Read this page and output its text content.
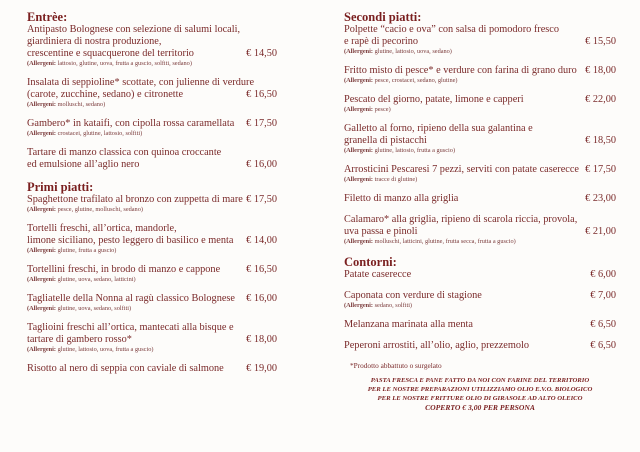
Entrèe:
Antipasto Bolognese con selezione di salumi locali,
giardiniera di nostra produzione,
crescentine e squacquerone del territorio	€ 14,50
(Allergeni: lattosio, glutine, uova, frutta a guscio, solfiti, sedano)
Insalata di seppioline* scottate, con julienne di verdure
(carote, zucchine, sedano) e citronette	€ 16,50
(Allergeni: molluschi, sedano)
Gambero* in kataifi, con cipolla rossa caramellata	€ 17,50
(Allergeni: crostacei, glutine, lattosio, solfiti)
Tartare di manzo classica con quinoa croccante
ed emulsione all’aglio nero	€ 16,00
Primi piatti:
Spaghettone trafilato al bronzo con zuppetta di mare € 17,50
(Allergeni: pesce, glutine, molluschi, sedano)
Tortelli freschi, all’ortica, mandorle,
limone siciliano, pesto leggero di basilico e menta	€ 14,00
(Allergeni: glutine, frutta a guscio)
Tortellini freschi, in brodo di manzo e cappone	€ 16,50
(Allergeni: glutine, uova, sedano, latticini)
Tagliatelle della Nonna al ragù classico Bolognese	€ 16,00
(Allergeni: glutine, uova, sedano, solfiti)
Taglioini freschi all’ortica, mantecati alla bisque e
tartare di gambero rosso*	€ 18,00
(Allergeni: glutine, lattosio, uova, frutta a guscio)
Risotto al nero di seppia con caviale di salmone	€ 19,00
Secondi piatti:
Polpette “cacio e ova” con salsa di pomodoro fresco
e rapè di pecorino	€ 15,50
(Allergeni: glutine, lattosio, uova, sedano)
Fritto misto di pesce* e verdure con farina di grano duro € 18,00
(Allergeni: pesce, crostacei, sedano, glutine)
Pescato del giorno, patate, limone e capperi	€ 22,00
(Allergeni: pesce)
Galletto al forno, ripieno della sua galantina e
granella di pistacchi	€ 18,50
(Allergeni: glutine, lattosio, frutta a guscio)
Arrosticini Pescaresi 7 pezzi, serviti con patate caserecce € 17,50
(Allergeni: tracce di glutine)
Filetto di manzo alla griglia	€ 23,00
Calamaro* alla griglia, ripieno di scarola riccia, provola,
uva passa e pinoli	€ 21,00
(Allergeni: molluschi, latticini, glutine, frutta secca, frutta a guscio)
Contorni:
Patate caserecce	€ 6,00
Caponata con verdure di stagione	€ 7,00
(Allergeni: sedano, solfiti)
Melanzana marinata alla menta	€ 6,50
Peperoni arrostiti, all’olio, aglio, prezzemolo	€ 6,50
*Prodotto abbattuto o surgelato
PASTA FRESCA E PANE FATTO DA NOI CON FARINE DEL TERRITORIO
PER LE NOSTRE PREPARAZIONI UTILIZZIAMO OLIO E.V.O. BIOLOGICO
PER LE NOSTRE FRITTURE OLIO DI GIRASOLE AD ALTO OLEICO
COPERTO € 3,00 PER PERSONA
